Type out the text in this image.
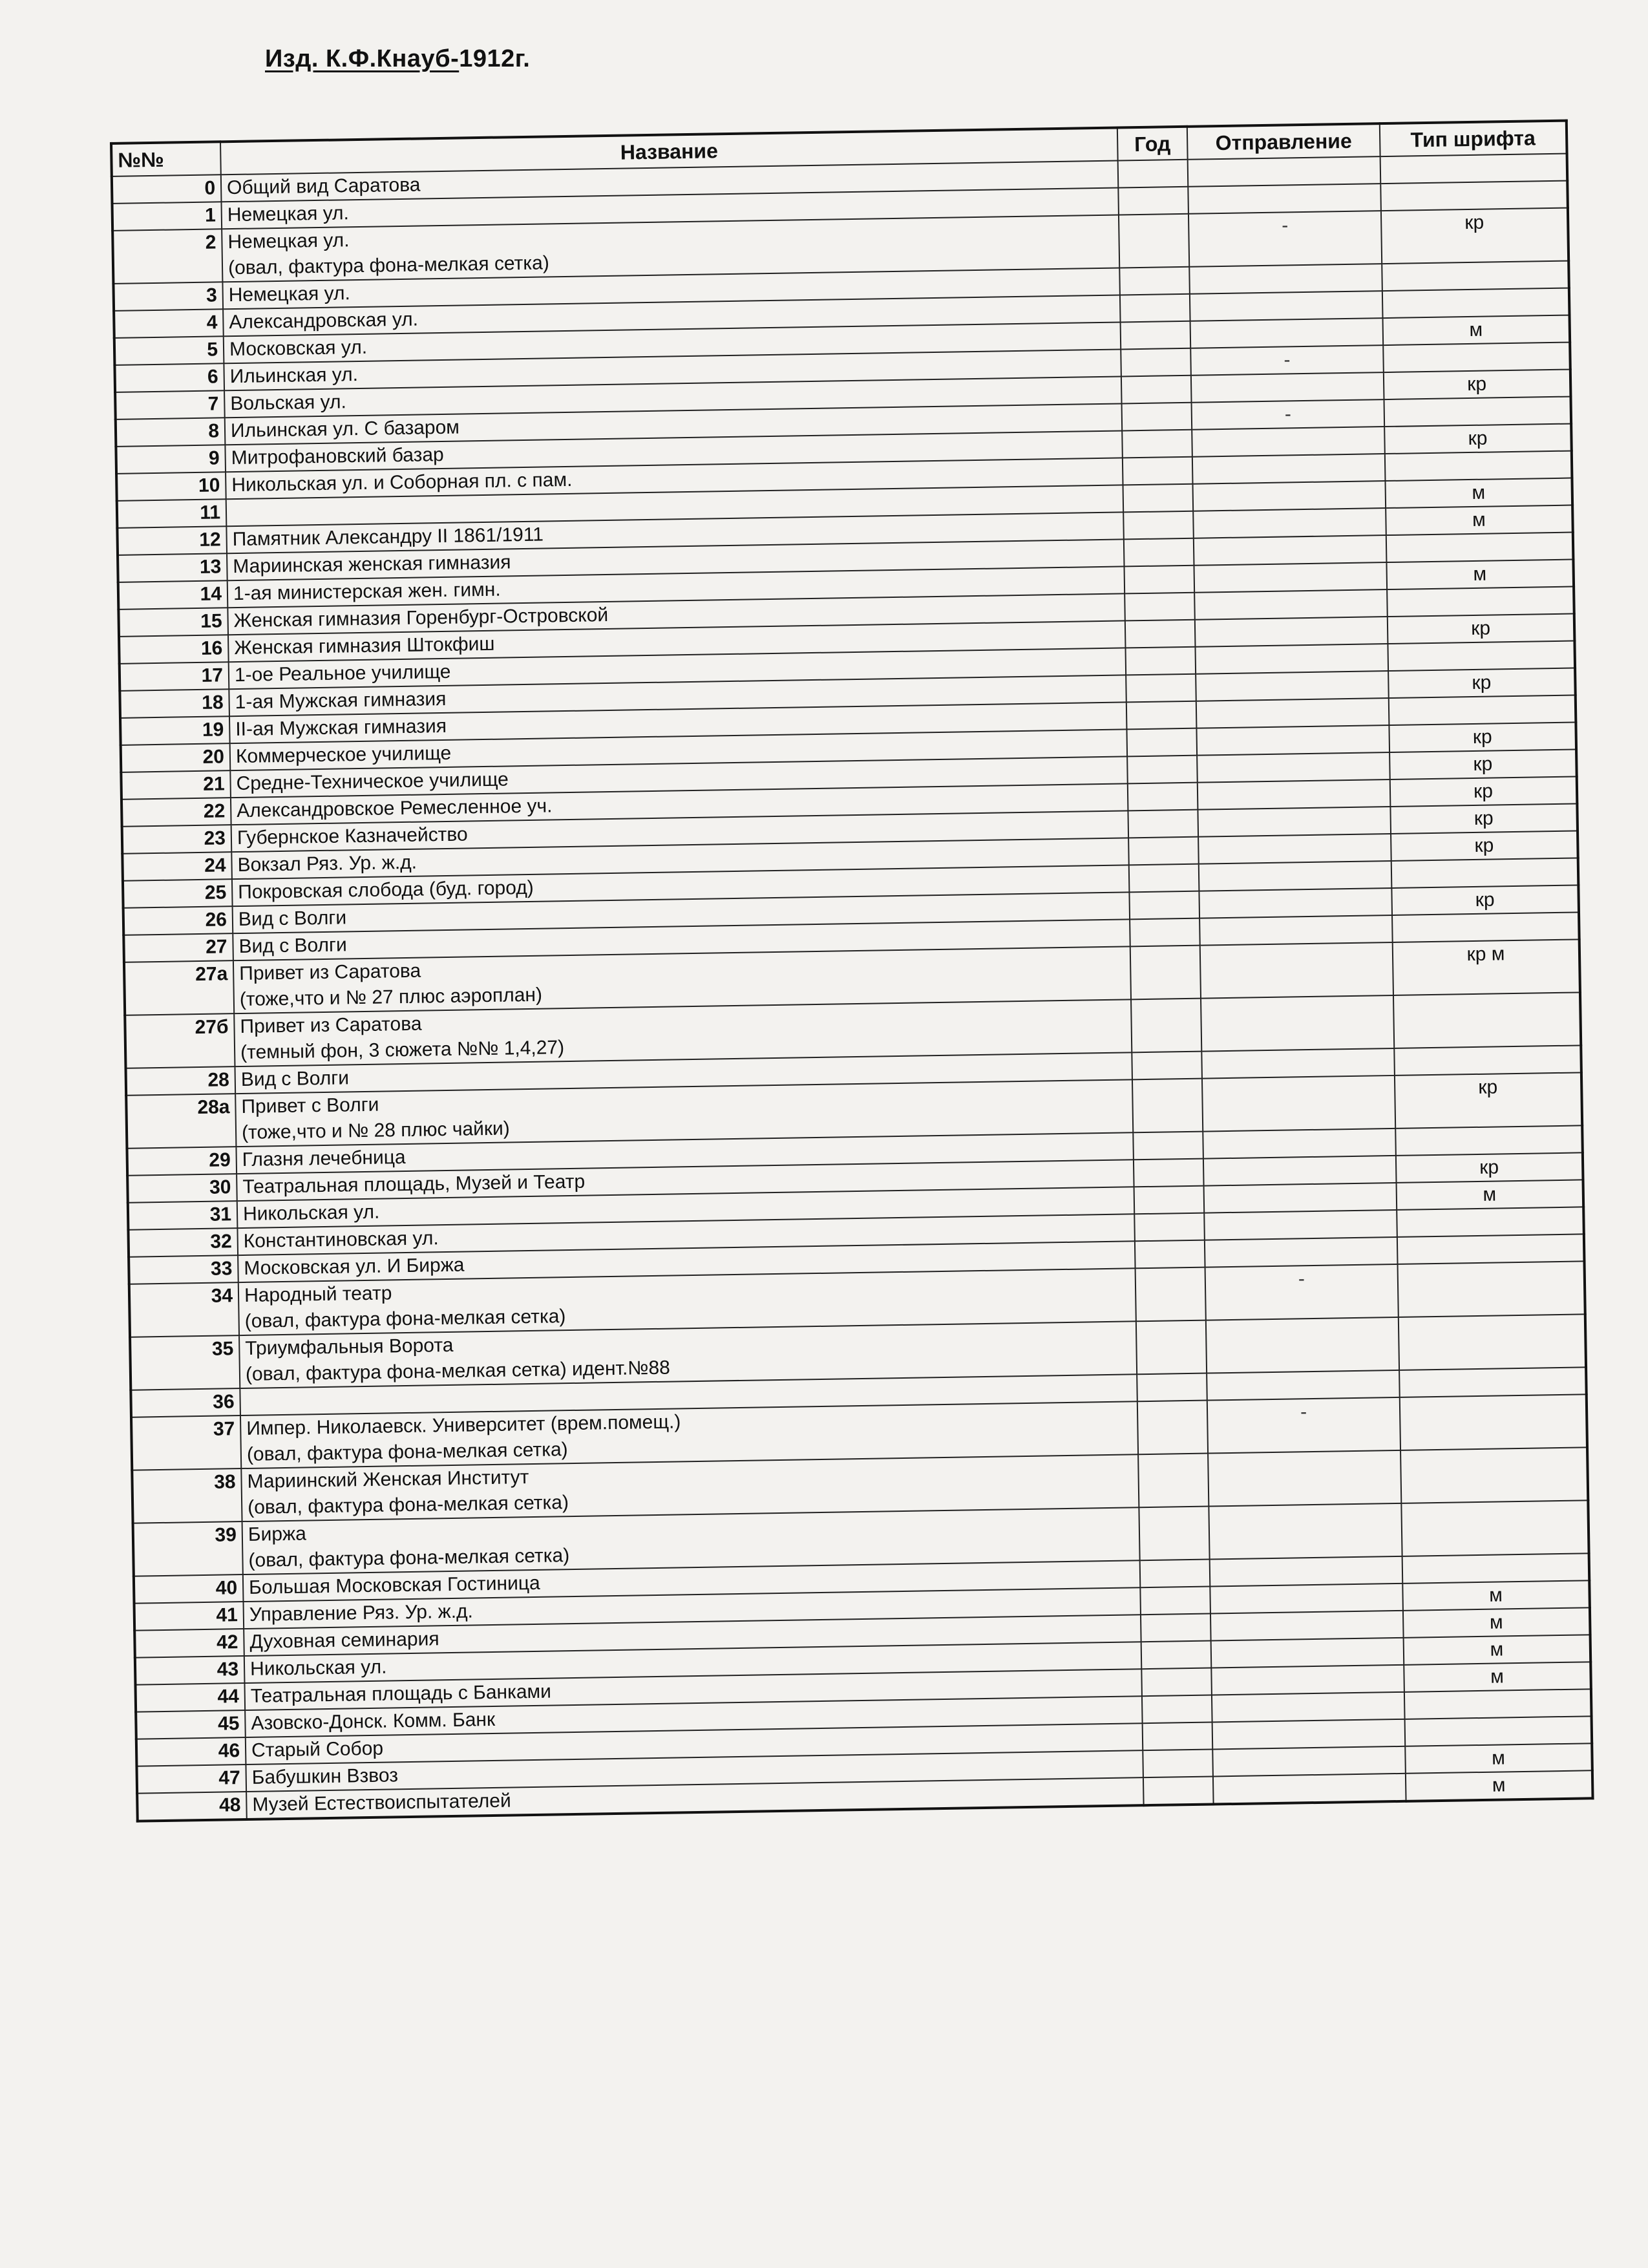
Изд. К.Ф.Кнауб-1912г.
№№	Название	Год	Отправление	Тип шрифта
0	Общий вид Саратова			

1	Немецкая ул.			

2	Немецкая ул.
(овал, фактура фона-мелкая сетка)		-	кр
3	Немецкая ул.			

4	Александровская ул.			

5	Московская ул.			м
6	Ильинская ул.		-	
7	Вольская ул.			кр
8	Ильинская ул. С базаром		-	
9	Митрофановский базар			кр
10	Никольская ул. и Соборная пл. с пам.			

11				м
12	Памятник Александру II 1861/1911			м
13	Мариинская женская гимназия			

14	1-ая министерская жен. гимн.			м
15	Женская гимназия Горенбург-Островской			

16	Женская гимназия Штокфиш			кр
17	1-ое Реальное училище			

18	1-ая Мужская гимназия			кр
19	II-ая Мужская гимназия			

20	Коммерческое училище			кр
21	Средне-Техническое училище			кр
22	Александровское Ремесленное уч.			кр
23	Губернское Казначейство			кр
24	Вокзал Ряз. Ур. ж.д.			кр
25	Покровская слобода (буд. город)			

26	Вид с Волги			кр
27	Вид с Волги			

27а	Привет из Саратова
(тоже,что и № 27 плюс аэроплан)			кр м
27б	Привет из Саратова
(темный фон, 3 сюжета №№ 1,4,27)			

28	Вид с Волги			

28а	Привет с Волги
(тоже,что и № 28 плюс чайки)			кр
29	Глазня лечебница			

30	Театральная площадь, Музей и Театр			кр
31	Никольская ул.			м
32	Константиновская ул.			

33	Московская ул. И Биржа			

34	Народный театр
(овал, фактура фона-мелкая сетка)		-	
35	Триумфальныя Ворота
(овал, фактура фона-мелкая сетка) идент.№88			

36	

37	Импер. Николаевск. Университет (врем.помещ.)
(овал, фактура фона-мелкая сетка)		-	
38	Мариинский Женская Институт
(овал, фактура фона-мелкая сетка)			

39	Биржа
(овал, фактура фона-мелкая сетка)			

40	Большая Московская Гостиница			

41	Управление Ряз. Ур. ж.д.			м
42	Духовная семинария			м
43	Никольская ул.			м
44	Театральная площадь с Банками			м
45	Азовско-Донск. Комм. Банк			

46	Старый Собор			

47	Бабушкин Взвоз			м
48	Музей Естествоиспытателей			м
